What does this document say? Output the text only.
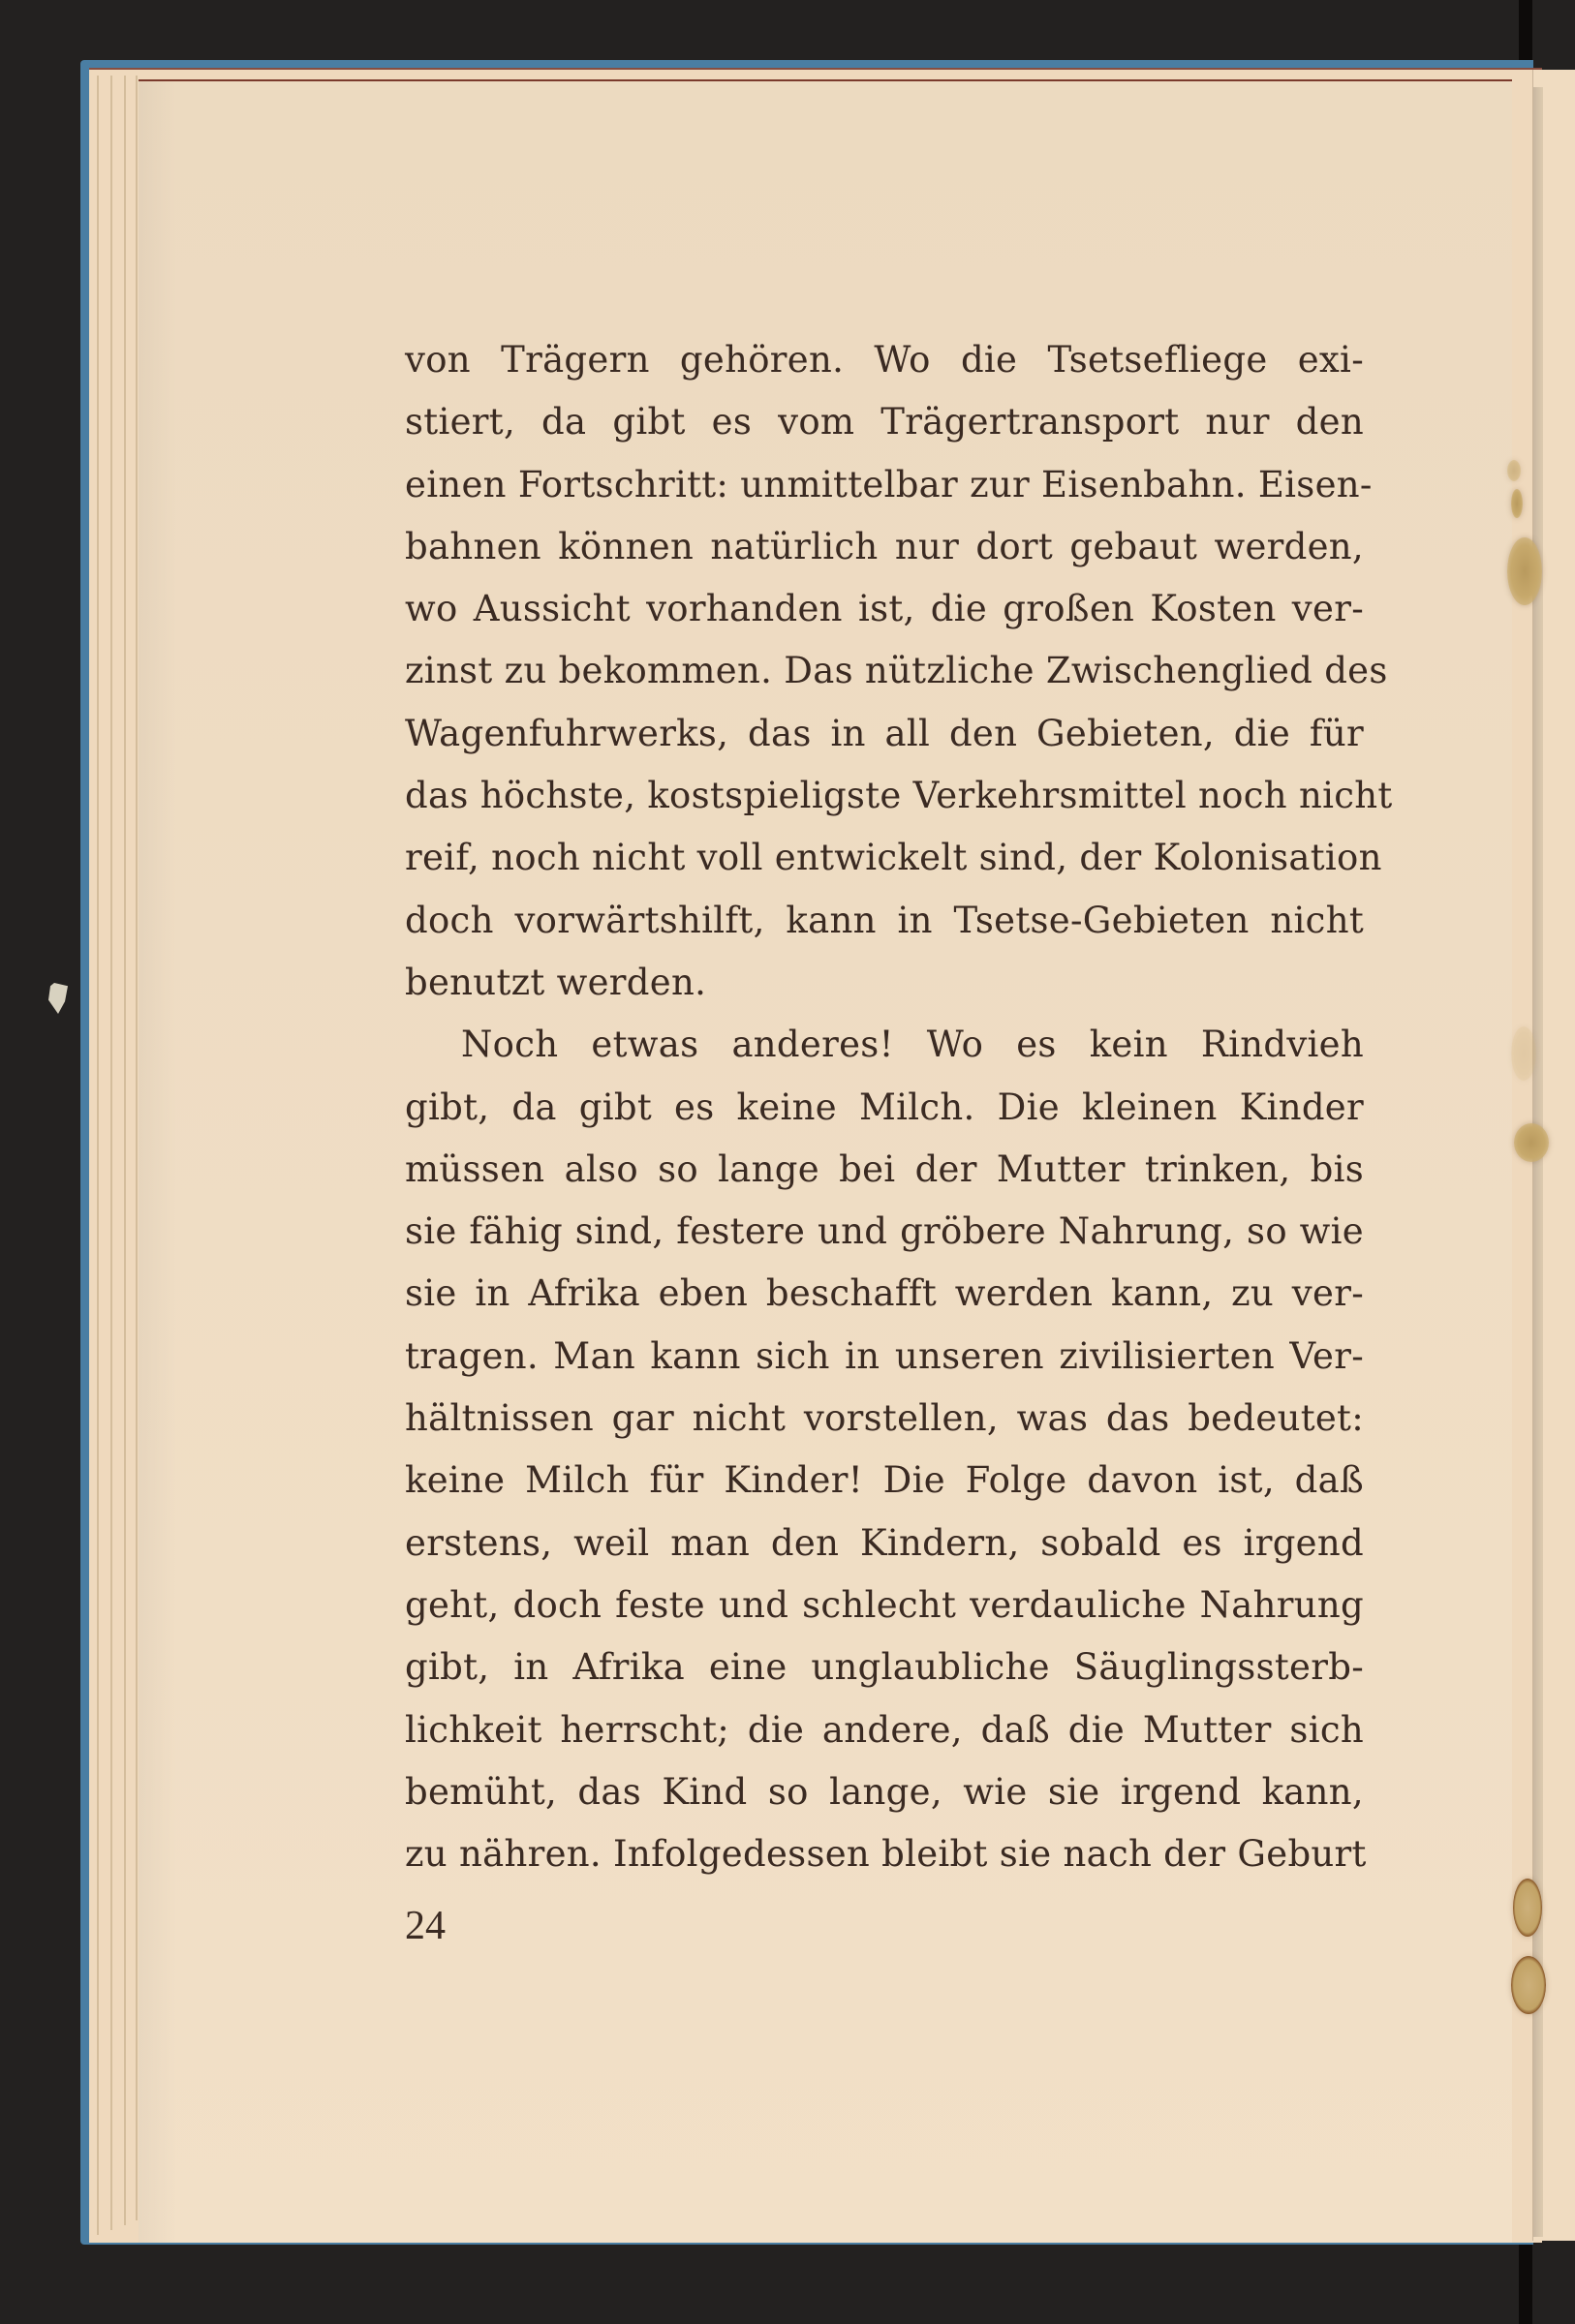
von Trägern gehören. Wo die Tsetsefliege exi-
stiert, da gibt es vom Trägertransport nur den
einen Fortschritt: unmittelbar zur Eisenbahn. Eisen-
bahnen können natürlich nur dort gebaut werden,
wo Aussicht vorhanden ist, die großen Kosten ver-
zinst zu bekommen. Das nützliche Zwischenglied des
Wagenfuhrwerks, das in all den Gebieten, die für
das höchste, kostspieligste Verkehrsmittel noch nicht
reif, noch nicht voll entwickelt sind, der Kolonisation
doch vorwärtshilft, kann in Tsetse-Gebieten nicht
benutzt werden.
Noch etwas anderes! Wo es kein Rindvieh
gibt, da gibt es keine Milch. Die kleinen Kinder
müssen also so lange bei der Mutter trinken, bis
sie fähig sind, festere und gröbere Nahrung, so wie
sie in Afrika eben beschafft werden kann, zu ver-
tragen. Man kann sich in unseren zivilisierten Ver-
hältnissen gar nicht vorstellen, was das bedeutet:
keine Milch für Kinder! Die Folge davon ist, daß
erstens, weil man den Kindern, sobald es irgend
geht, doch feste und schlecht verdauliche Nahrung
gibt, in Afrika eine unglaubliche Säuglingssterb-
lichkeit herrscht; die andere, daß die Mutter sich
bemüht, das Kind so lange, wie sie irgend kann,
zu nähren. Infolgedessen bleibt sie nach der Geburt
24
